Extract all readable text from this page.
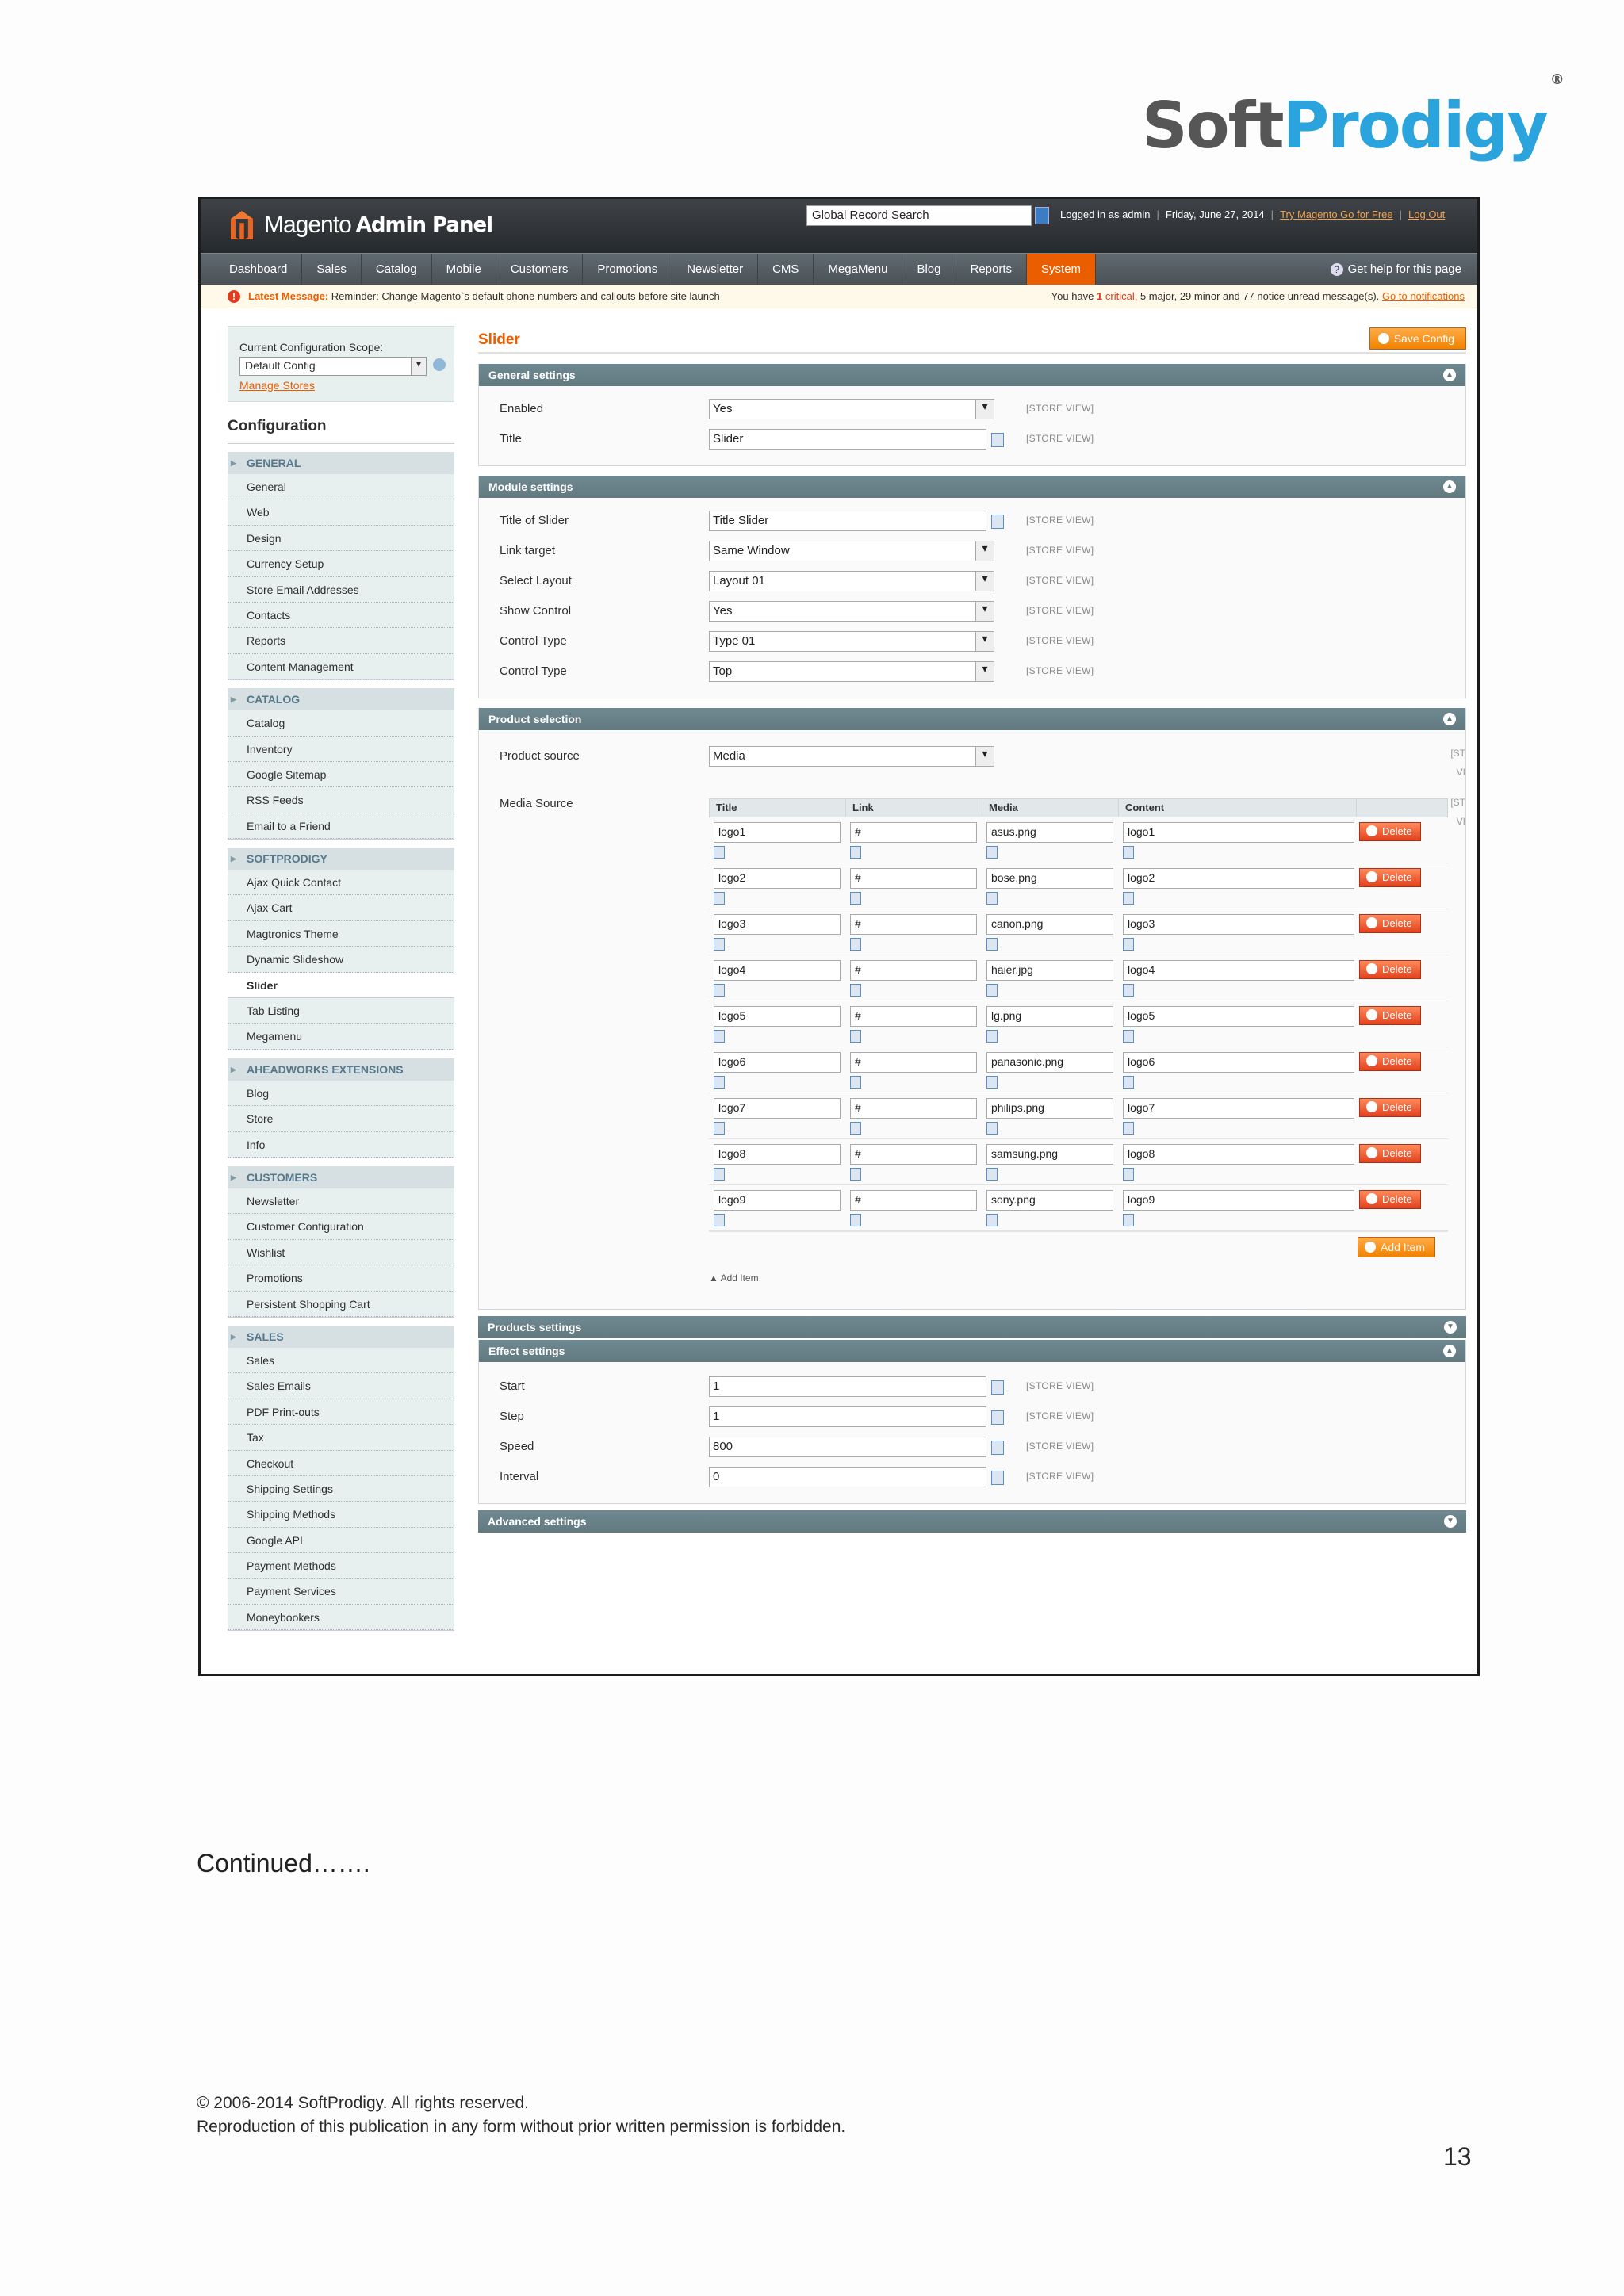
SoftProdigy®
Magento Admin Panel	Global Record Search	Logged in as admin | Friday, June 27, 2014 | Try Magento Go for Free | Log Out
Dashboard	Sales	Catalog	Mobile	Customers	Promotions	Newsletter	CMS	MegaMenu	Blog	Reports	System	? Get help for this page
!	Latest Message: Reminder: Change Magento`s default phone numbers and callouts before site launch	You have 1 critical, 5 major, 29 minor and 77 notice unread message(s). Go to notifications
Current Configuration Scope:
Default Config ▾
Manage Stores
Configuration
▶ GENERAL
General
Web
Design
Currency Setup
Store Email Addresses
Contacts
Reports
Content Management
▶ CATALOG
Catalog
Inventory
Google Sitemap
RSS Feeds
Email to a Friend
▶ SOFTPRODIGY
Ajax Quick Contact
Ajax Cart
Magtronics Theme
Dynamic Slideshow
Slider
Tab Listing
Megamenu
▶ AHEADWORKS EXTENSIONS
Blog
Store
Info
▶ CUSTOMERS
Newsletter
Customer Configuration
Wishlist
Promotions
Persistent Shopping Cart
▶ SALES
Sales
Sales Emails
PDF Print-outs
Tax
Checkout
Shipping Settings
Shipping Methods
Google API
Payment Methods
Payment Services
Moneybookers
Slider	Save Config
General settings	▲
Enabled	Yes ▾	[STORE VIEW]
Title	Slider	[STORE VIEW]
Module settings	▲
Title of Slider	Title Slider	[STORE VIEW]
Link target	Same Window ▾	[STORE VIEW]
Select Layout	Layout 01 ▾	[STORE VIEW]
Show Control	Yes ▾	[STORE VIEW]
Control Type	Type 01 ▾	[STORE VIEW]
Control Type	Top ▾	[STORE VIEW]
Product selection	▲
Product source	Media ▾	[ST
VI
[ST
VI
Media Source	Title	Link	Media	Content
logo1	#	asus.png	logo1	Delete
logo2	#	bose.png	logo2	Delete
logo3	#	canon.png	logo3	Delete
logo4	#	haier.jpg	logo4	Delete
logo5	#	lg.png	logo5	Delete
logo6	#	panasonic.png	logo6	Delete
logo7	#	philips.png	logo7	Delete
logo8	#	samsung.png	logo8	Delete
logo9	#	sony.png	logo9	Delete
Add Item
▲ Add Item
Products settings	▼
Effect settings	▲
Start	1	[STORE VIEW]
Step	1	[STORE VIEW]
Speed	800	[STORE VIEW]
Interval	0	[STORE VIEW]
Advanced settings	▼
Continued…….
© 2006-2014 SoftProdigy. All rights reserved.
Reproduction of this publication in any form without prior written permission is forbidden.
13
